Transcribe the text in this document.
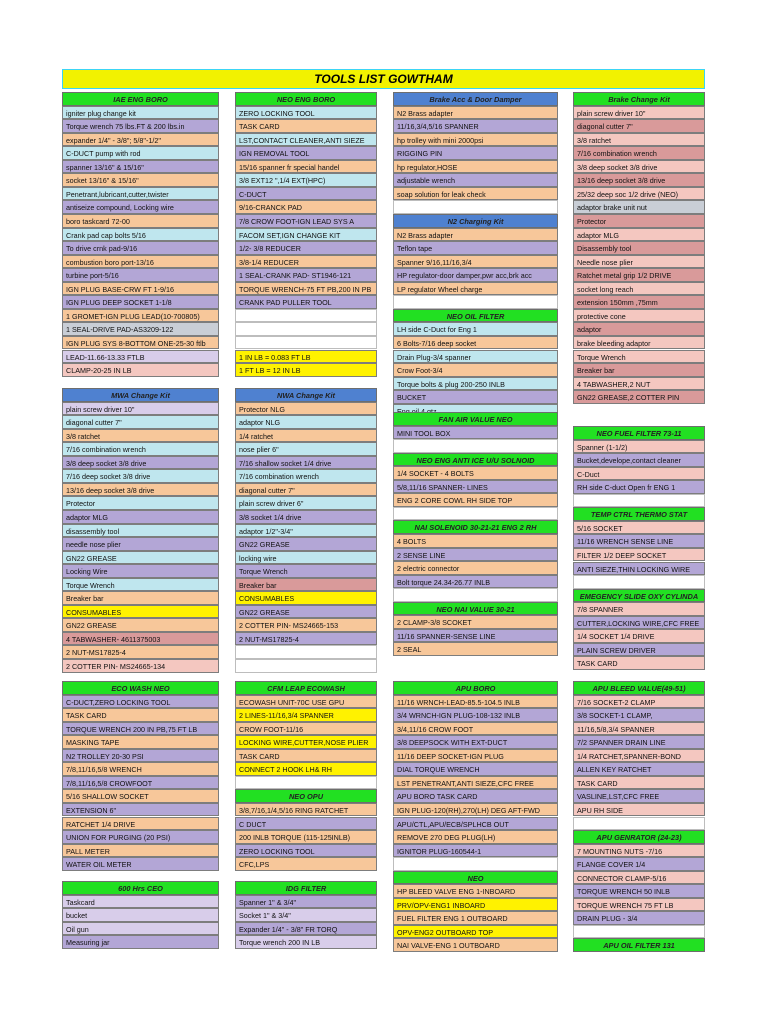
TOOLS LIST GOWTHAM
IAE ENG BORO
igniter plug change kit
Torque wrench 75 lbs.FT & 200 lbs.in
expander 1/4" - 3/8"; 5/8"-1/2"
C-DUCT pump with rod
spanner 13/16" & 15/16"
socket 13/16" & 15/16"
Penetrant,lubricant,cutter,twister
antiseize compound, Locking wire
boro taskcard 72-00
Crank pad cap bolts 5/16
To drive crnk pad-9/16
combustion boro port-13/16
turbine port-5/16
IGN PLUG BASE-CRW FT 1-9/16
IGN PLUG DEEP SOCKET 1-1/8
1 GROMET-IGN PLUG LEAD(10-700805)
1 SEAL-DRIVE PAD-AS3209-122
IGN PLUG SYS 8-BOTTOM ONE-25-30 ftlb
LEAD-11.66-13.33 FTLB
CLAMP-20-25 IN LB
MWA Change Kit
plain screw driver 10"
diagonal cutter 7"
3/8 ratchet
7/16 combination wrench
3/8 deep socket 3/8 drive
7/16 deep socket 3/8 drive
13/16 deep socket 3/8 drive
Protector
adaptor MLG
disassembly tool
needle nose plier
GN22 GREASE
Locking Wire
Torque Wrench
Breaker bar
CONSUMABLES
GN22 GREASE
4 TABWASHER- 4611375003
2 NUT-MS17825-4
2 COTTER PIN- MS24665-134
ECO WASH NEO
C-DUCT,ZERO LOCKING TOOL
TASK CARD
TORQUE WRENCH 200 IN PB,75 FT LB
MASKING TAPE
N2 TROLLEY 20-30 PSI
7/8,11/16,5/8 WRENCH
7/8,11/16,5/8 CROWFOOT
5/16 SHALLOW SOCKET
EXTENSION 6"
RATCHET 1/4 DRIVE
UNION FOR PURGING (20 PSI)
PALL METER
WATER OIL METER
600 Hrs CEO
Taskcard
bucket
Oil gun
Measuring jar
NEO ENG BORO
ZERO LOCKING TOOL
TASK CARD
LST,CONTACT CLEANER,ANTI SIEZE
IGN REMOVAL TOOL
15/16 spanner fr special handel
3/8 EXT12 ",1/4 EXT(HPC)
C-DUCT
9/16-CRANCK PAD
7/8 CROW FOOT-IGN LEAD SYS A
FACOM SET,IGN CHANGE KIT
1/2- 3/8 REDUCER
3/8-1/4 REDUCER
1 SEAL-CRANK PAD- ST1946-121
TORQUE WRENCH-75 FT PB,200 IN PB
CRANK PAD PULLER TOOL
1 IN LB = 0.083 FT LB
1 FT LB = 12 IN LB
NWA Change Kit
Protector NLG
adaptor NLG
1/4 ratchet
nose plier 6"
7/16 shallow socket 1/4 drive
7/16 combination wrench
diagonal cutter 7"
plain screw driver 6"
3/8 socket 1/4 drive
adaptor 1/2"-3/4"
GN22 GREASE
locking wire
Torque Wrench
Breaker bar
CONSUMABLES
GN22 GREASE
2 COTTER PIN- MS24665-153
2 NUT-MS17825-4
CFM LEAP ECOWASH
ECOWASH UNIT-70C USE GPU
2 LINES-11/16,3/4 SPANNER
CROW FOOT-11/16
LOCKING WIRE,CUTTER,NOSE PLIER
TASK CARD
CONNECT 2 HOOK LH& RH
NEO OPU
3/8,7/16,1/4,5/16 RING RATCHET
C DUCT
200 INLB TORQUE (115-125INLB)
ZERO LOCKING TOOL
CFC,LPS
IDG FILTER
Spanner 1" & 3/4"
Socket 1" & 3/4"
Expander 1/4" - 3/8" FR TORQ
Torque wrench 200 IN LB
Brake Acc & Door Damper
N2 Brass adapter
11/16,3/4,5/16 SPANNER
hp trolley with mini 2000psi
RIGGING PIN
hp regulator,HOSE
adjustable wrench
soap solution for leak check
N2 Charging Kit
N2 Brass adapter
Teflon tape
Spanner 9/16,11/16,3/4
HP regulator-door damper,pwr acc,brk acc
LP regulator Wheel charge
NEO OIL FILTER
LH side C-Duct for Eng 1
6 Bolts-7/16 deep socket
Drain Plug-3/4 spanner
Crow Foot-3/4
Torque bolts & plug 200-250 INLB
BUCKET
FAN AIR VALUE NEO
MINI TOOL BOX
NEO ENG ANTI ICE U/U SOLNOID
1/4 SOCKET - 4 BOLTS
5/8,11/16 SPANNER- LINES
ENG 2 CORE COWL RH SIDE TOP
NAI SOLENOID 30-21-21 ENG 2 RH
4 BOLTS
2 SENSE LINE
2 electric connector
Bolt torque 24.34-26.77 INLB
NEO NAI VALUE 30-21
2 CLAMP-3/8 SCOKET
11/16 SPANNER-SENSE LINE
2 SEAL
APU BORO
11/16 WRNCH-LEAD-85.5-104.5 INLB
3/4 WRNCH-IGN PLUG-108-132 INLB
3/4,11/16 CROW FOOT
3/8 DEEPSOCK WITH EXT-DUCT
11/16 DEEP SOCKET-IGN PLUG
DIAL TORQUE WRENCH
LST PENETRANT,ANTI SIEZE,CFC FREE
APU BORO TASK CARD
IGN PLUG-120(RH),270(LH) DEG AFT-FWD
APU/CTL,APU/ECB/SPLHCB OUT
REMOVE 270 DEG PLUG(LH)
IGNITOR PLUG-160544-1
NEO
HP BLEED VALVE ENG 1-INBOARD
PRV/OPV-ENG1 INBOARD
FUEL FILTER ENG 1 OUTBOARD
OPV-ENG2 OUTBOARD TOP
NAI VALVE-ENG 1 OUTBOARD
Brake Change Kit
plain screw driver 10"
diagonal cutter 7"
3/8 ratchet
7/16 combination wrench
3/8 deep socket 3/8 drive
13/16 deep socket 3/8 drive
25/32 deep soc 1/2 drive (NEO)
adaptor brake unit nut
Protector
adaptor MLG
Disassembly tool
Needle nose plier
Ratchet metal grip 1/2 DRIVE
socket long reach
extension 150mm ,75mm
protective cone
adaptor
brake bleeding adaptor
Torque Wrench
Breaker bar
4 TABWASHER,2 NUT
GN22 GREASE,2 COTTER PIN
NEO FUEL FILTER 73-11
Spanner (1-1/2)
Bucket,develope,contact cleaner
C-Duct
RH side C-duct Open fr ENG 1
TEMP CTRL THERMO STAT
5/16 SOCKET
11/16 WRENCH SENSE LINE
FILTER 1/2 DEEP SOCKET
ANTI SIEZE,THIN LOCKING WIRE
EMEGENCY SLIDE OXY CYLINDA
7/8 SPANNER
CUTTER,LOCKING WIRE,CFC FREE
1/4 SOCKET 1/4 DRIVE
PLAIN SCREW DRIVER
TASK CARD
APU BLEED VALUE(49-51)
7/16 SOCKET-2 CLAMP
3/8 SOCKET-1 CLAMP,
11/16,5/8,3/4 SPANNER
7/2 SPANNER DRAIN LINE
1/4 RATCHET,SPANNER-BOND
ALLEN KEY RATCHET
TASK CARD
VASLINE,LST,CFC FREE
APU RH SIDE
APU GENRATOR (24-23)
7 MOUNTING NUTS -7/16
FLANGE COVER 1/4
CONNECTOR CLAMP-5/16
TORQUE WRENCH 50 INLB
TORQUE WRENCH 75 FT LB
DRAIN PLUG - 3/4
APU OIL FILTER 131
